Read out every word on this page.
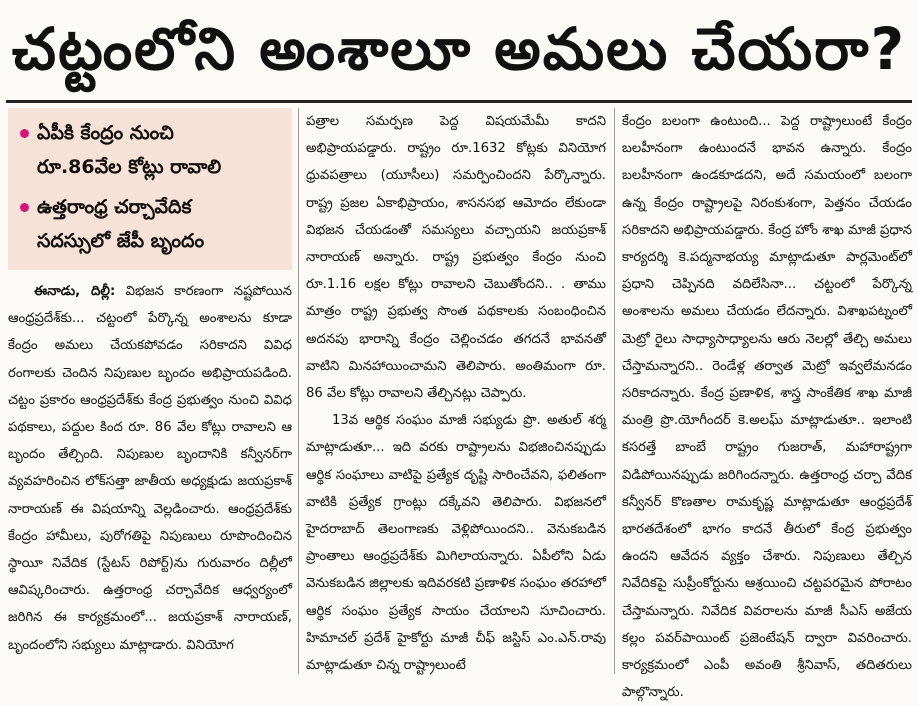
చట్టంలోని అంశాలూ అమలు చేయరా?
ఏపీకి కేంద్రం నుంచి
రూ.86వేల కోట్లు రావాలి
ఉత్తరాంధ్ర చర్చావేదిక
సదస్సులో జేపీ బృందం

ఈనాడు, దిల్లీ: విభజన కారణంగా నష్టపోయిన ఆంధ్రప్రదేశ్‌కు... చట్టంలో పేర్కొన్న అంశాలను కూడా కేంద్రం అమలు చేయకపోవడం సరికాదని వివిధ రంగాలకు చెందిన నిపుణుల బృందం అభిప్రాయపడింది. చట్టం ప్రకారం ఆంధ్రప్రదేశ్‌కు కేంద్ర ప్రభుత్వం నుంచి వివిధ పథకాలు, పద్దుల కింద రూ. 86 వేల కోట్లు రావాలని ఆ బృందం తేల్చింది. నిపుణుల బృందానికి కన్వీనర్‌గా వ్యవహరించిన లోక్‌సత్తా జాతీయ అధ్యక్షుడు జయప్రకాశ్ నారాయణ్ ఈ విషయాన్ని వెల్లడించారు. ఆంధ్రప్రదేశ్‌కు కేంద్రం హామీలు, పురోగతిపై నిపుణులు రూపొందించిన స్థాయీ నివేదిక (స్టేటస్ రిపోర్ట్)ను గురువారం దిల్లీలో ఆవిష్కరించారు. ఉత్తరాంధ్ర చర్చావేదిక ఆధ్వర్యంలో జరిగిన ఈ కార్యక్రమంలో... జయప్రకాశ్ నారాయణ్, బృందంలోని సభ్యులు మాట్లాడారు. వినియోగ

పత్రాల సమర్పణ పెద్ద విషయమేమీ కాదని అభిప్రాయపడ్డారు. రాష్ట్రం రూ.1632 కోట్లకు వినియోగ ధ్రువపత్రాలు (యూసీలు) సమర్పించిందని పేర్కొన్నారు. రాష్ట్ర ప్రజల ఏకాభిప్రాయం, శాసనసభ ఆమోదం లేకుండా విభజన చేయడంతో సమస్యలు వచ్చాయని జయప్రకాశ్ నారాయణ్ అన్నారు. రాష్ట్ర ప్రభుత్వం కేంద్రం నుంచి రూ.1.16 లక్షల కోట్లు రావాలని చెబుతోందని.. . తాము మాత్రం రాష్ట్ర ప్రభుత్వ సొంత పథకాలకు సంబంధించిన అదనపు భారాన్ని కేంద్రం చెల్లించడం తగదనే భావనతో వాటిని మినహాయించామని తెలిపారు. అంతిమంగా రూ. 86 వేల కోట్లు రావాలని తేల్చినట్లు చెప్పారు.

13వ ఆర్థిక సంఘం మాజీ సభ్యుడు ప్రొ. అతుల్ శర్మ మాట్లాడుతూ... ఇది వరకు రాష్ట్రాలను విభజించినప్పుడు ఆర్థిక సంఘాలు వాటిపై ప్రత్యేక దృష్టి సారించేవని, ఫలితంగా వాటికి ప్రత్యేక గ్రాంట్లు దక్కేవని తెలిపారు. విభజనలో హైదరాబాద్ తెలంగాణకు వెళ్లిపోయిందని.. వెనుకబడిన ప్రాంతాలు ఆంధ్రప్రదేశ్‌కు మిగిలాయన్నారు. ఏపీలోని ఏడు వెనుకబడిన జిల్లాలకు ఇదివరకటి ప్రణాళిక సంఘం తరహాలో ఆర్థిక సంఘం ప్రత్యేక సాయం చేయాలని సూచించారు. హిమాచల్ ప్రదేశ్ హైకోర్టు మాజీ చీఫ్ జస్టిస్ ఎం.ఎన్.రావు మాట్లాడుతూ చిన్న రాష్ట్రాలుంటే

కేంద్రం బలంగా ఉంటుంది... పెద్ద రాష్ట్రాలుంటే కేంద్రం బలహీనంగా ఉంటుందనే భావన ఉన్నారు. కేంద్రం బలహీనంగా ఉండకూడదని, అదే సమయంలో బలంగా ఉన్న కేంద్రం రాష్ట్రాలపై నిరంకుశంగా, పెత్తనం చేయడం సరికాదని అభిప్రాయపడ్డారు. కేంద్ర హోం శాఖ మాజీ ప్రధాన కార్యదర్శి కె.పద్మనాభయ్య మాట్లాడుతూ పార్లమెంట్‌లో ప్రధాని చెప్పినది వదిలేసినా... చట్టంలో పేర్కొన్న అంశాలను అమలు చేయడం లేదన్నారు. విశాఖపట్నంలో మెట్రో రైలు సాధ్యాసాధ్యాలను ఆరు నెలల్లో తేల్చి అమలు చేస్తామన్నారని.. రెండేళ్ల తర్వాత మెట్రో ఇవ్వలేమనడం సరికాదన్నారు. కేంద్ర ప్రణాళిక, శాస్త్ర సాంకేతిక శాఖ మాజీ మంత్రి ప్రొ.యోగీందర్ కె.అలఘ్ మాట్లాడుతూ.. ఇలాంటి కసరత్తే బాంబే రాష్ట్రం గుజరాత్, మహారాష్ట్రగా విడిపోయినప్పుడు జరిగిందన్నారు. ఉత్తరాంధ్ర చర్చా వేదిక కన్వీనర్ కొణతాల రామకృష్ణ మాట్లాడుతూ ఆంధ్రప్రదేశ్ భారతదేశంలో భాగం కాదనే తీరులో కేంద్ర ప్రభుత్వం ఉందని ఆవేదన వ్యక్తం చేశారు. నిపుణులు తేల్చిన నివేదికపై సుప్రీంకోర్టును ఆశ్రయించి చట్టపరమైన పోరాటం చేస్తామన్నారు. నివేదిక వివరాలను మాజీ సీఎస్ అజేయ కల్లం పవర్‌పాయింట్ ప్రజెంటేషన్ ద్వారా వివరించారు. కార్యక్రమంలో ఎంపీ అవంతి శ్రీనివాస్, తదితరులు పాల్గొన్నారు.
